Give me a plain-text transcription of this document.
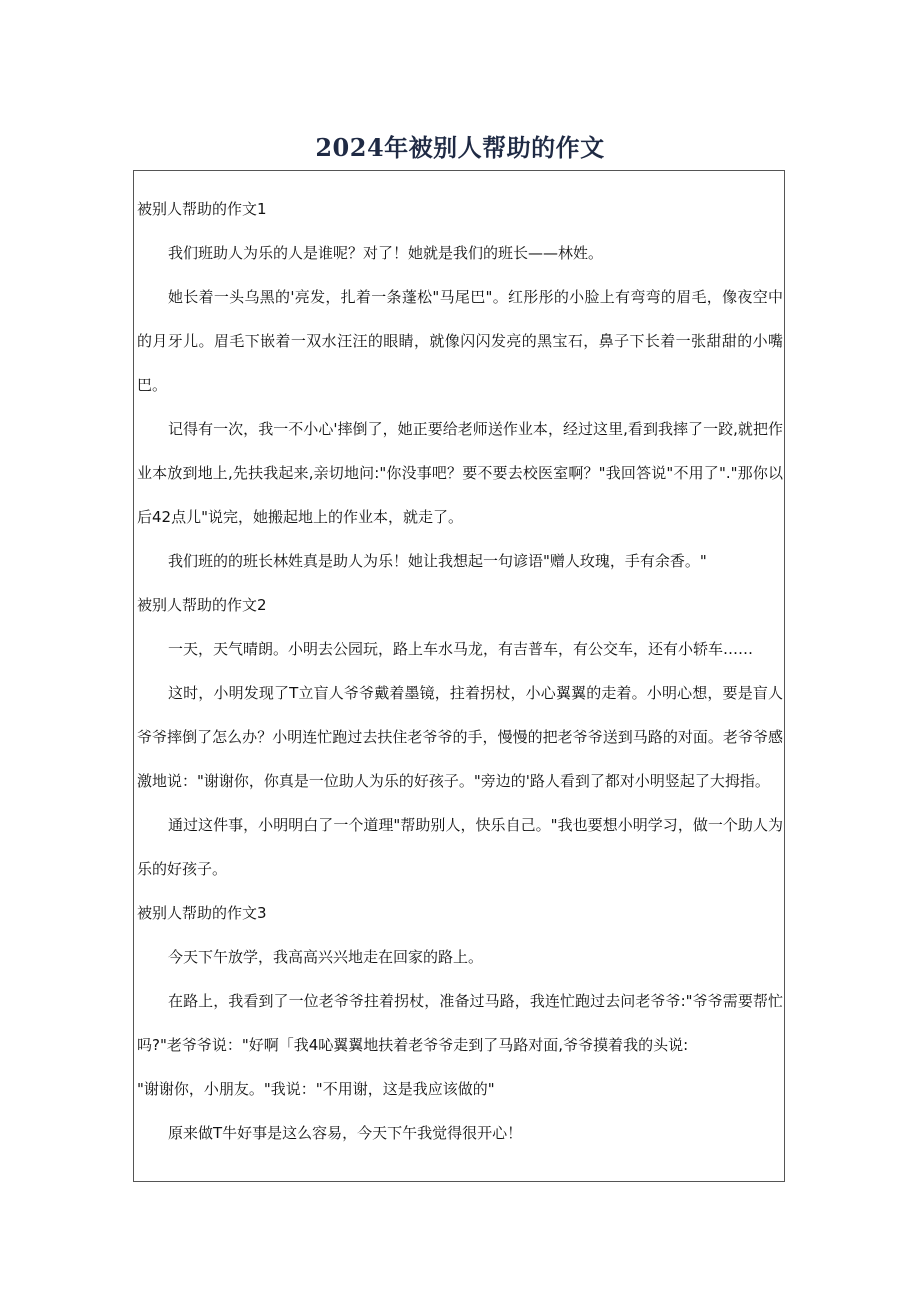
2024年被别人帮助的作文

被别人帮助的作文1

我们班助人为乐的人是谁呢？对了！她就是我们的班长——林姓。

她长着一头乌黑的'亮发，扎着一条蓬松"马尾巴"。红彤彤的小脸上有弯弯的眉毛，像夜空中的月牙儿。眉毛下嵌着一双水汪汪的眼睛，就像闪闪发亮的黑宝石，鼻子下长着一张甜甜的小嘴巴。

记得有一次，我一不小心'摔倒了，她正要给老师送作业本，经过这里,看到我摔了一跤,就把作业本放到地上,先扶我起来,亲切地问:"你没事吧？要不要去校医室啊？"我回答说"不用了"."那你以后42点儿"说完，她搬起地上的作业本，就走了。

我们班的的班长林姓真是助人为乐！她让我想起一句谚语"赠人玫瑰，手有余香。"

被别人帮助的作文2

一天，天气晴朗。小明去公园玩，路上车水马龙，有吉普车，有公交车，还有小轿车……

这时，小明发现了T立盲人爷爷戴着墨镜，拄着拐杖，小心翼翼的走着。小明心想，要是盲人爷爷摔倒了怎么办？小明连忙跑过去扶住老爷爷的手，慢慢的把老爷爷送到马路的对面。老爷爷感激地说："谢谢你，你真是一位助人为乐的好孩子。"旁边的'路人看到了都对小明竖起了大拇指。

通过这件事，小明明白了一个道理"帮助别人，快乐自己。"我也要想小明学习，做一个助人为乐的好孩子。

被别人帮助的作文3

今天下午放学，我高高兴兴地走在回家的路上。

在路上，我看到了一位老爷爷拄着拐杖，准备过马路，我连忙跑过去问老爷爷:"爷爷需要帮忙吗?"老爷爷说："好啊「我4吣翼翼地扶着老爷爷走到了马路对面,爷爷摸着我的头说:

"谢谢你，小朋友。"我说："不用谢，这是我应该做的"

原来做T牛好事是这么容易，今天下午我觉得很开心！
